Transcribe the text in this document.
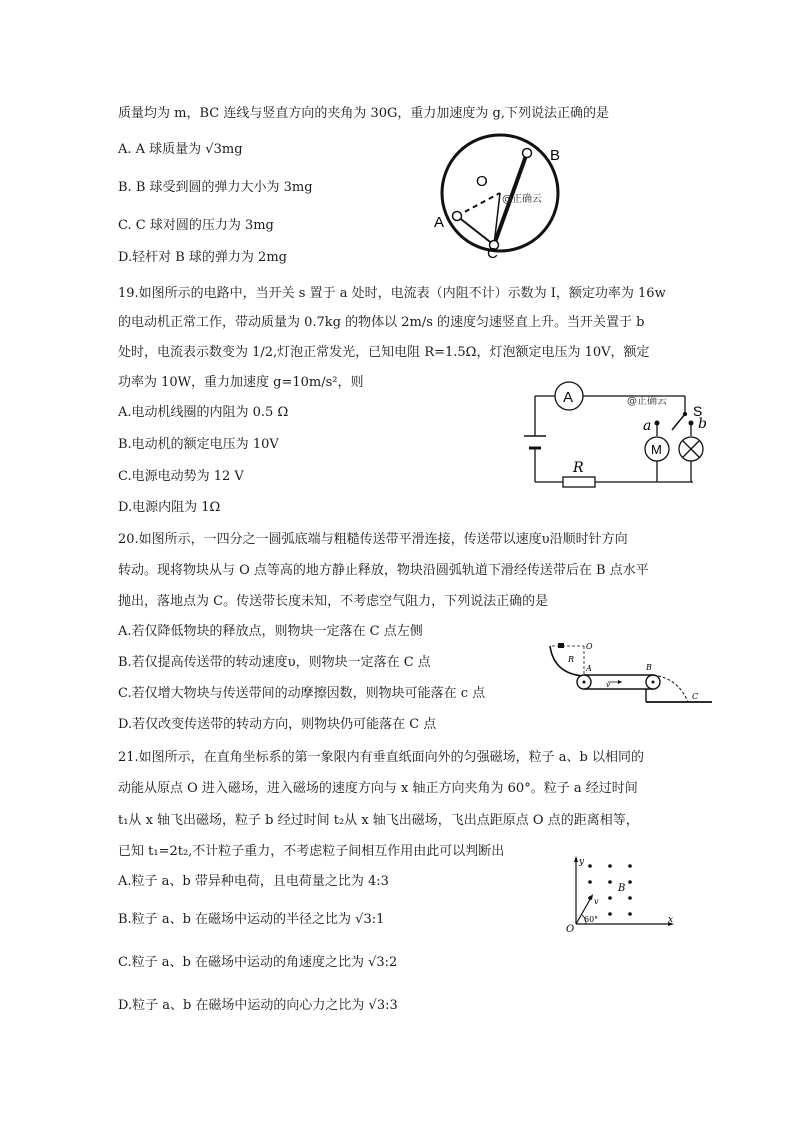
质量均为 m，BC 连线与竖直方向的夹角为 30G，重力加速度为 g,下列说法正确的是
A. A 球质量为 √3mg
B. B 球受到圆的弹力大小为 3mg
C. C 球对圆的压力为 3mg
D.轻杆对 B 球的弹力为 2mg
B
O
A
C
@正确云
19.如图所示的电路中，当开关 s 置于 a 处时，电流表（内阻不计）示数为 I，额定功率为 16w
的电动机正常工作，带动质量为 0.7kg 的物体以 2m/s 的速度匀速竖直上升。当开关置于 b
处时，电流表示数变为 1/2,灯泡正常发光，已知电阻 R=1.5Ω，灯泡额定电压为 10V，额定
功率为 10W，重力加速度 g=10m/s²，则
A.电动机线圈的内阻为 0.5 Ω
B.电动机的额定电压为 10V
C.电源电动势为 12 V
D.电源内阻为 1Ω
A
S
a	b
M
R
@正确云
20.如图所示，一四分之一圆弧底端与粗糙传送带平滑连接，传送带以速度υ沿顺时针方向
转动。现将物块从与 O 点等高的地方静止释放，物块沿圆弧轨道下滑经传送带后在 B 点水平
抛出，落地点为 C。传送带长度未知，不考虑空气阻力，下列说法正确的是
A.若仅降低物块的释放点，则物块一定落在 C 点左侧
B.若仅提高传送带的转动速度υ，则物块一定落在 C 点
C.若仅增大物块与传送带间的动摩擦因数，则物块可能落在 c 点
D.若仅改变传送带的转动方向，则物块仍可能落在 C 点
O
R
v
A	B
C
21.如图所示，在直角坐标系的第一象限内有垂直纸面向外的匀强磁场，粒子 a、b 以相同的
动能从原点 O 进入磁场，进入磁场的速度方向与 x 轴正方向夹角为 60°。粒子 a 经过时间
t₁从 x 轴飞出磁场，粒子 b 经过时间 t₂从 x 轴飞出磁场，飞出点距原点 O 点的距离相等，
已知 t₁=2t₂,不计粒子重力，不考虑粒子间相互作用由此可以判断出
A.粒子 a、b 带异种电荷，且电荷量之比为 4:3
B.粒子 a、b 在磁场中运动的半径之比为 √3:1
C.粒子 a、b 在磁场中运动的角速度之比为 √3:2
D.粒子 a、b 在磁场中运动的向心力之比为 √3:3
y
x
O
B
v
60°
